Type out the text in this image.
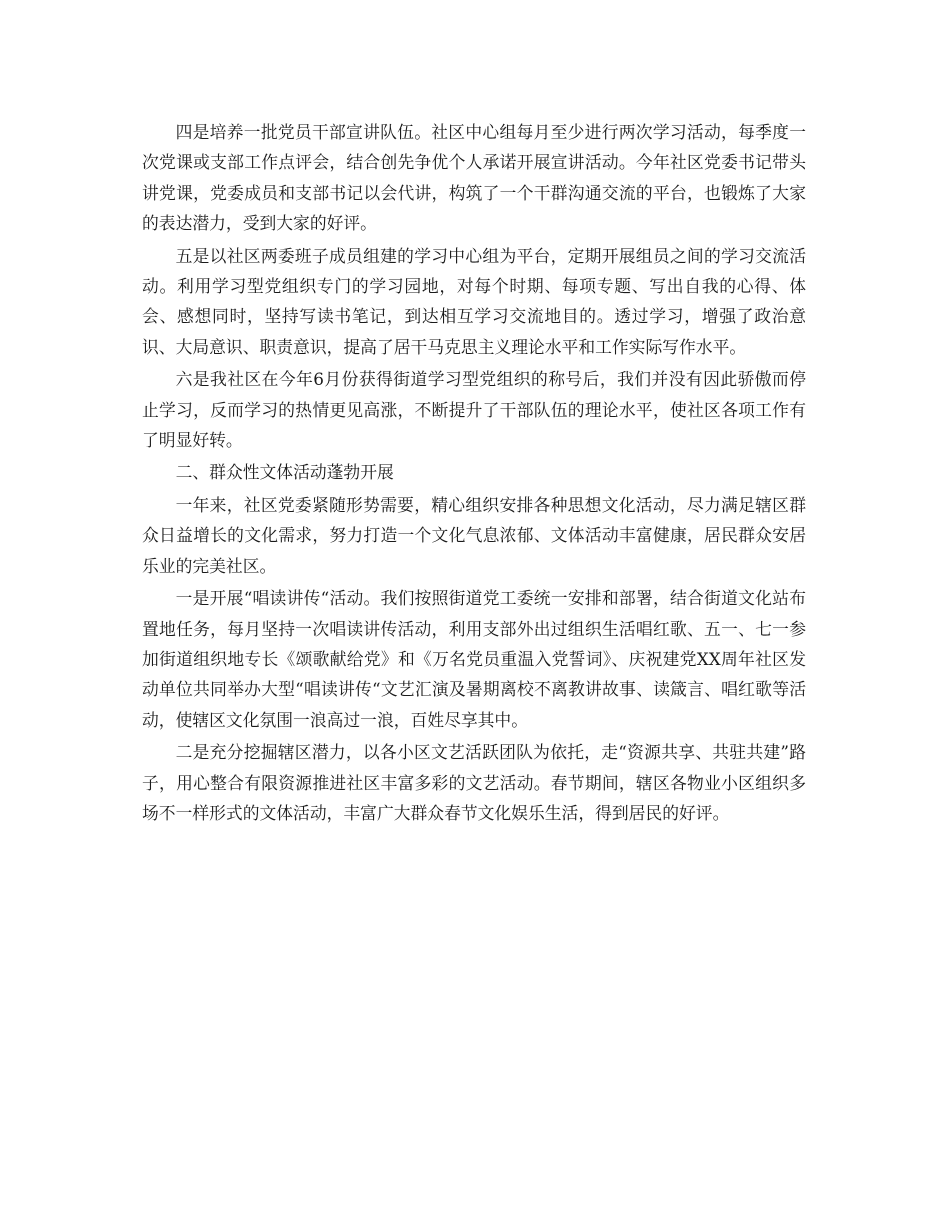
四是培养一批党员干部宣讲队伍。社区中心组每月至少进行两次学习活动，每季度一次党课或支部工作点评会，结合创先争优个人承诺开展宣讲活动。今年社区党委书记带头讲党课，党委成员和支部书记以会代讲，构筑了一个干群沟通交流的平台，也锻炼了大家的表达潜力，受到大家的好评。

五是以社区两委班子成员组建的学习中心组为平台，定期开展组员之间的学习交流活动。利用学习型党组织专门的学习园地，对每个时期、每项专题、写出自我的心得、体会、感想同时，坚持写读书笔记，到达相互学习交流地目的。透过学习，增强了政治意识、大局意识、职责意识，提高了居干马克思主义理论水平和工作实际写作水平。

六是我社区在今年6月份获得街道学习型党组织的称号后，我们并没有因此骄傲而停止学习，反而学习的热情更见高涨，不断提升了干部队伍的理论水平，使社区各项工作有了明显好转。

二、群众性文体活动蓬勃开展

一年来，社区党委紧随形势需要，精心组织安排各种思想文化活动，尽力满足辖区群众日益增长的文化需求，努力打造一个文化气息浓郁、文体活动丰富健康，居民群众安居乐业的完美社区。

一是开展“唱读讲传“活动。我们按照街道党工委统一安排和部署，结合街道文化站布置地任务，每月坚持一次唱读讲传活动，利用支部外出过组织生活唱红歌、五一、七一参加街道组织地专长《颂歌献给党》和《万名党员重温入党誓词》、庆祝建党XX周年社区发动单位共同举办大型“唱读讲传“文艺汇演及暑期离校不离教讲故事、读箴言、唱红歌等活动，使辖区文化氛围一浪高过一浪，百姓尽享其中。

二是充分挖掘辖区潜力，以各小区文艺活跃团队为依托，走“资源共享、共驻共建”路子，用心整合有限资源推进社区丰富多彩的文艺活动。春节期间，辖区各物业小区组织多场不一样形式的文体活动，丰富广大群众春节文化娱乐生活，得到居民的好评。
